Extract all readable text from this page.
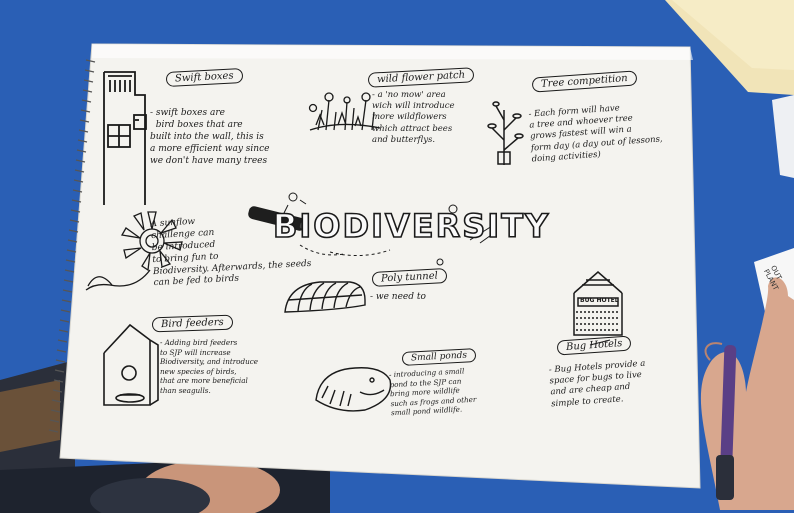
BIODIVERSITY
Swift boxes
- swift boxes are
bird boxes that are
built into the wall, this is
a more efficient way since
we don't have many trees
wild flower patch
- a 'no mow' area
wich will introduce
more wildflowers
which attract bees
and butterflys.
Tree competition
- Each form will have
a tree and whoever tree
grows fastest will win a
form day (a day out of lessons,
doing activities)
A sunflow
challenge can
be introduced
to bring fun to
Biodiversity. Afterwards, the seeds
can be fed to birds	Poly tunnel
- we need to
Bird feeders
- Adding bird feeders
to SJP will increase
Biodiversity, and introduce
new species of birds,
that are more beneficial
than seagulls.
Small ponds
- introducing a small
pond to the SJP can
bring more wildlife
such as frogs and other
small pond wildlife.
BUG HOTEL
Bug Hotels
- Bug Hotels provide a
space for bugs to live
and are cheap and
simple to create.
OUT PLANT
